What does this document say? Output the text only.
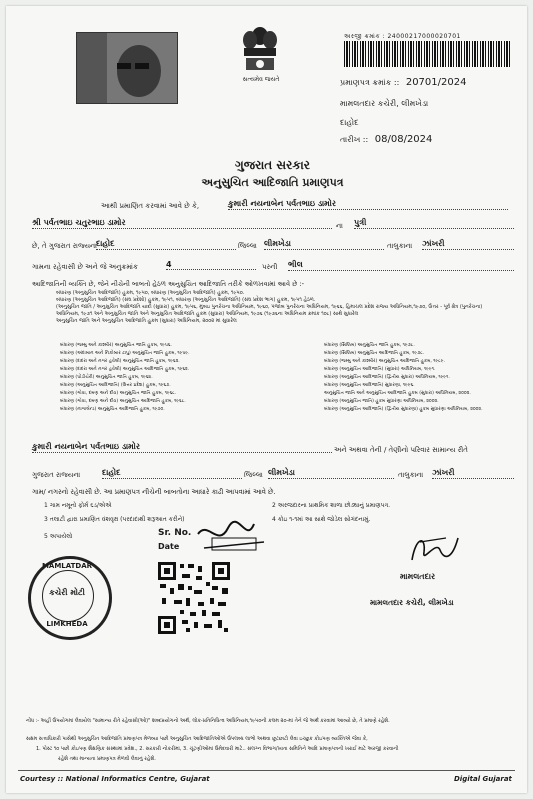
સત્યમેવ જયતે
અરજી ક્રમાંક : 24000217000020701
પ્રમાણપત્ર ક્રમાંક :: 20701/2024
મામલતદાર કચેરી, લીમખેડા
દાહોદ
તારીખ :: 08/08/2024
ગુજરાત સરકાર
અનુસુચિત આદિજાતિ પ્રમાણપત્ર
આથી પ્રમાણિત કરવામાં આવે છે કે,	કુમારી નયનાબેન પર્વતભાઇ ડામોર
શ્રી પર્વતભાઇ ચતુરભાઇ ડામોર	ના પુત્રી
છે, તે ગુજરાત રાજ્યના દાહોદ	જિલ્લા લીમખેડા	તાલુકાના ઝાંખરી
ગામના રહેવાસી છે અને જે અનુક્રમાંક	4	પરની ભીલ
આદિજાતિની વ્યક્તિ છે, જેને નીચેની બાબતો હેઠળ અનુસુચિત આદિજાતિ તરીકે ઓળખવામાં આવે છે :-
બંધારણ (અનુસુચિત આદિજાતિ) હુકમ, ૧૯૫૦, બંધારણ (અનુસુચિત આદિજાતિ) હુકમ, ૧૯૫૦.
બંધારણ (અનુસુચિત આદિજાતિ) (સંઘ પ્રદેશો) હુકમ, ૧૯૫૧, બંધારણ (અનુસુચિત આદિજાતિ) (સંઘ પ્રદેશ ભાગ) હુકમ, ૧૯૫૧ હેઠળ.
(અનુસુચિત જાતિ / અનુસુચિત આદિજાતિ યાદી (સુધારા) હુકમ, ૧૯૫૬, મુંબઇ પુનર્રચના અધિનિયમ, ૧૯૬૦, પંજાબ પુનર્રચના અધિનિયમ, ૧૯૬૬, હિમાચલ પ્રદેશ રાજ્ય અધિનિયમ,૧૯૭૦, ઉત્તર - પૂર્વ ક્ષેત્ર (પુનર્રચના)
અધિનિયમ, ૧૯૭૧ અને અનુસુચિત જાતિ અને અનુસુચિત આદિજાતિ હુકમ (સુધારા) અધિનિયમ, ૧૯૭૬ (૧૯૭૬ના અધિનિયમ ક્રમાંક ૧૦૮) સાથે સુધારેલ
અનુસુચિત જાતિ અને અનુસુચિત આદિજાતિ હુકમ (સુધારા) અધિનિયમ, ૨૦૦૨ માં સુધારેલ
બંધારણ (જમ્મુ અને કાશ્મીર) અનુસુચિત જાતિ હુકમ, ૧૯૫૬.
બંધારણ (અંદામાન અને નિકોબાર ટાપુ) અનુસુચિત જાતિ હુકમ, ૧૯૫૯.
બંધારણ (દાદરા અને નગર હવેલી) અનુસુચિત જાતિ હુકમ, ૧૯૬૨.
બંધારણ (દાદરા અને નગર હવેલી) અનુસુચિત આદિજાતિ હુકમ, ૧૯૬૨.
બંધારણ (પોંડીચેરી) અનુસુચિત જાતિ હુકમ, ૧૯૬૪.
બંધારણ (અનુસુચિત આદિજાતિ) (ઉત્તર પ્રદેશ) હુકમ, ૧૯૬૭.
બંધારણ (ગોવા, દમણ અને દીવ) અનુસુચિત જાતિ હુકમ, ૧૯૬૮.
બંધારણ (ગોવા, દમણ અને દીવ) અનુસુચિત આદિજાતિ હુકમ, ૧૯૬૮.
બંધારણ (નાગાલેન્ડ) અનુસુચિત આદિજાતિ હુકમ, ૧૯૭૦.
બંધારણ (સિક્કિમ) અનુસુચિત જાતિ હુકમ, ૧૯૭૮.
બંધારણ (સિક્કિમ) અનુસુચિત આદિજાતિ હુકમ, ૧૯૭૮.
બંધારણ (જમ્મુ અને કાશ્મીર) અનુસુચિત આદિજાતિ હુકમ, ૧૯૮૯.
બંધારણ (અનુસુચિત આદિજાતિ) (સુધારા) અધિનિયમ, ૧૯૯૧.
બંધારણ (અનુસુચિત આદિજાતિ) (દ્વિતીય સુધારા) અધિનિયમ, ૧૯૯૧.
બંધારણ (અનુસુચિત આદિજાતિ) સુધારણા, ૧૯૯૬.
અનુસુચિત જાતિ અને અનુસુચિત આદિજાતિ હુકમ (સુધારા) અધિનિયમ, ૨૦૦૨.
બંધારણ (અનુસુચિત જાતિ) હુકમ સુધારણા અધિનિયમ, ૨૦૦૨.
બંધારણ (અનુસુચિત આદિજાતિ) (દ્વિતીય સુધારણા) હુકમ સુધારણા અધિનિયમ, ૨૦૦૨.
કુમારી નયનાબેન પર્વતભાઇ ડામોર	અને અથવા તેની / તેણીનો પરિવાર સામાન્ય રીતે
ગુજરાત રાજ્યના	દાહોદ	જિલ્લા લીમખેડા	તાલુકાના ઝાંખરી
ગામ/ નગરનો રહેવાસી છે. આ પ્રમાણપત્ર નીચેની બાબતોના આધારે કાઢી આપવામાં આવે છે.
1 ગામ નમૂનો ફોર્મ ૬ડ/એએ
3 તલાટી દ્વારા પ્રમાણિત વંશવૃક્ષ (પરદાદાથી શરૂઆત કરીને)
5 અપાયેલો
2 અરજદારના પ્રાથમિક શાળા છોડ્યાનું પ્રમાણપત્ર.
4 કોઇ ૧-૧માં આ સાથે જોડેલ સોગંદનામું.
Sr. No.
Date
MAMLATDAR
કચેરી મોટી
LIMKHEDA
મામલતદાર
મામલતદાર કચેરી, લીમખેડા
નોંધ :- અહીં ઉપયોગમાં લેવાયેલ "સામાન્ય રીતે રહેવાસી(ઓ)" શબ્દપ્રયોગનો અર્થ, લોક-પ્રતિનિધિત્વ અધિનિયમ,૧૯૫૦ની કલમ ૨૦-માં તેને જે અર્થ કરવામાં આવ્યો છે, તે પ્રમાણે રહેશે.
સક્ષમ સત્તાધિકારી પાસેથી અનુસુચિત આદિજાતિ પ્રમાણપત્ર મેળવ્યા પછી અનુસુચિત આદિજાતિઓએ ઉપલબ્ધ લાભો અથવા છૂટછાટો લેવા ઇચ્છુક કોઇપણ વ્યક્તિએ જેવા કે,
1. પોસ્ટ ૧૦ પછી કોઇપણ શૈક્ષણિક સંસ્થામાં પ્રવેશ., 2. સરકારી નોકરીમાં, 3. ચૂંટણીઓમાં ઉમેદવારી માટે.. સંલગ્ન વિભાગ/ખાતા સમિતિને આદિ પ્રમાણપત્રની ખરાઈ માટે અરજી કરવાની
રહેશે તથા માન્યતા પ્રમાણપત્ર મેળવી લેવાનું રહેશે.
Courtesy :: National Informatics Centre, Gujarat	Digital Gujarat
